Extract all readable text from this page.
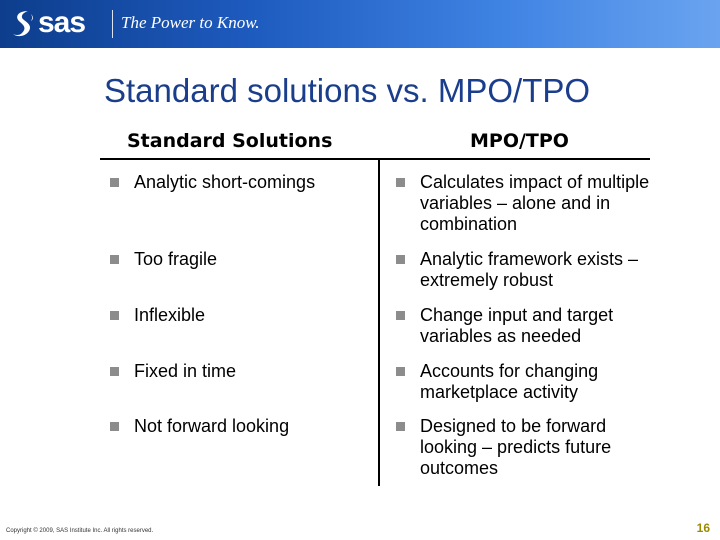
sas The Power to Know.
Standard solutions vs. MPO/TPO
Standard Solutions	MPO/TPO
Analytic short-comings
Too fragile
Inflexible
Fixed in time
Not forward looking
Calculates impact of multiple variables – alone and in combination
Analytic framework exists – extremely robust
Change input and target variables as needed
Accounts for changing marketplace activity
Designed to be forward looking – predicts future outcomes
Copyright © 2009, SAS Institute Inc. All rights reserved.	16
